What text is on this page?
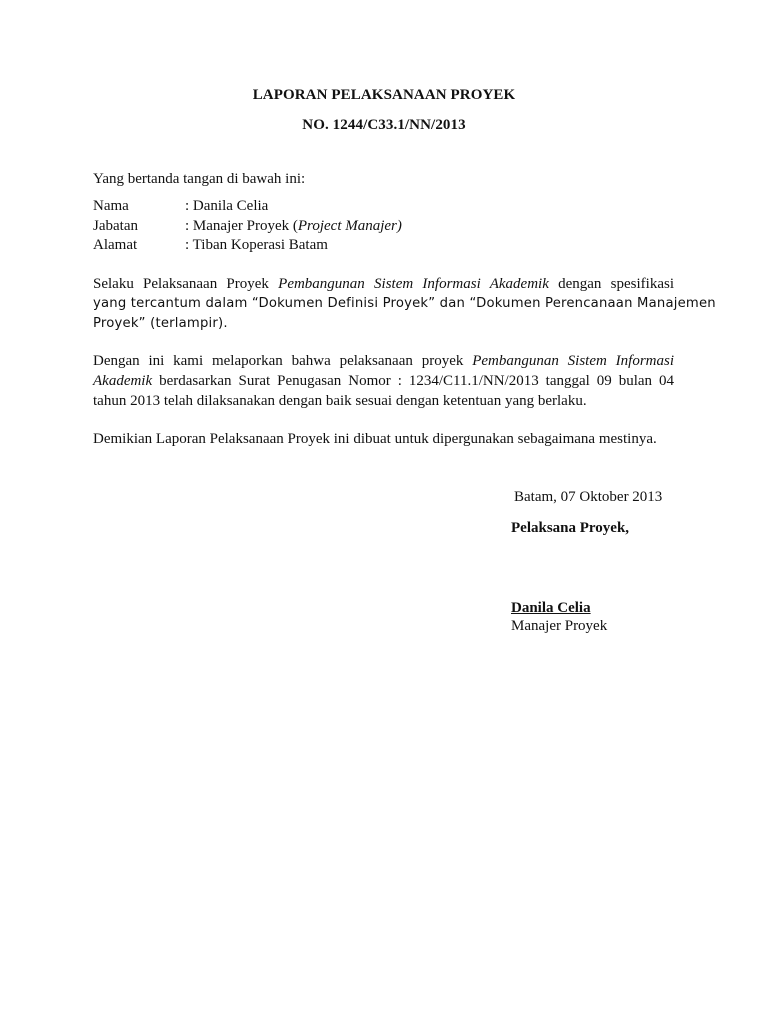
LAPORAN PELAKSANAAN PROYEK
NO. 1244/C33.1/NN/2013
Yang bertanda tangan di bawah ini:
Nama	: Danila Celia
Jabatan	: Manajer Proyek (Project Manajer)
Alamat	: Tiban Koperasi Batam
Selaku Pelaksanaan Proyek Pembangunan Sistem Informasi Akademik dengan spesifikasi
yang tercantum dalam “Dokumen Definisi Proyek” dan “Dokumen Perencanaan Manajemen
Proyek” (terlampir).
Dengan ini kami melaporkan bahwa pelaksanaan proyek Pembangunan Sistem Informasi
Akademik berdasarkan Surat Penugasan Nomor : 1234/C11.1/NN/2013 tanggal 09 bulan 04
tahun 2013 telah dilaksanakan dengan baik sesuai dengan ketentuan yang berlaku.
Demikian Laporan Pelaksanaan Proyek ini dibuat untuk dipergunakan sebagaimana mestinya.
Batam, 07 Oktober 2013
Pelaksana Proyek,
Danila Celia
Manajer Proyek
